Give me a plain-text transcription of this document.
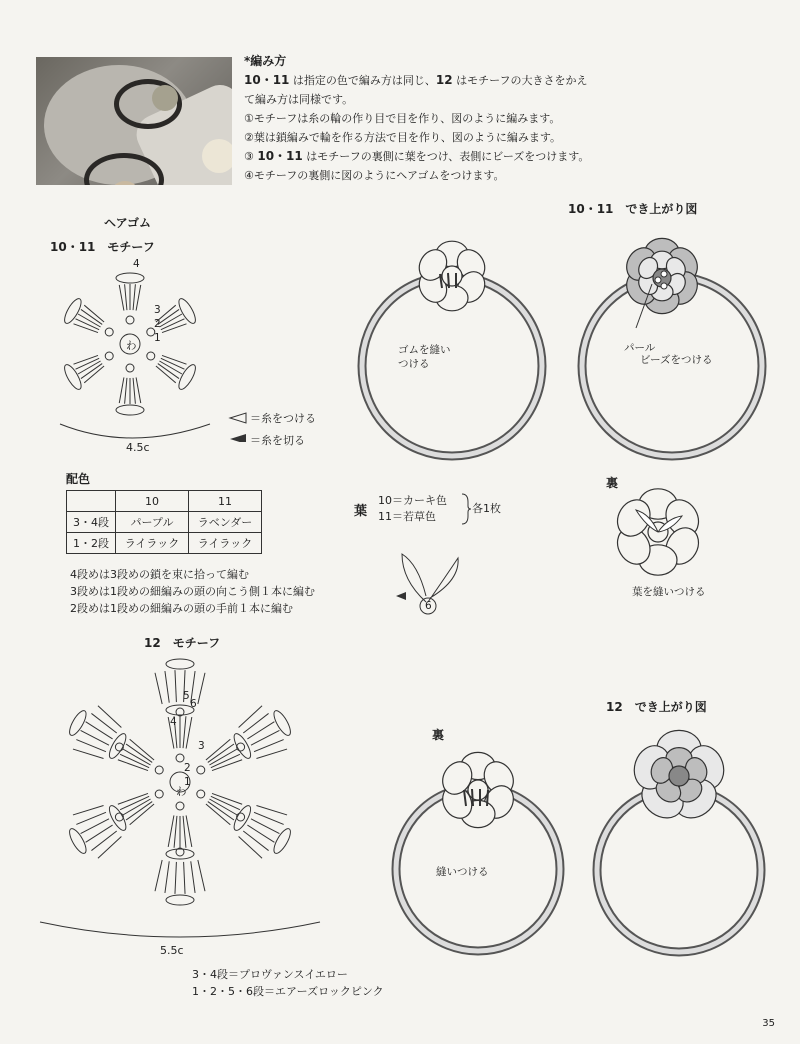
*編み方
10・11 は指定の色で編み方は同じ、12 はモチーフの大きさをかえ
て編み方は同様です。
①モチーフは糸の輪の作り目で目を作り、図のように編みます。
②葉は鎖編みで輪を作る方法で目を作り、図のように編みます。
③ 10・11 はモチーフの裏側に葉をつけ、表側にビーズをつけます。
④モチーフの裏側に図のようにヘアゴムをつけます。
ヘアゴム
10・11　モチーフ
4
3
2
1
わ
4.5c
＝糸をつける
＝糸を切る
配色
	10	11
3・4段	パープル	ラベンダー
1・2段	ライラック	ライラック
4段めは3段めの鎖を束に拾って編む
3段めは1段めの細編みの頭の向こう側１本に編む
2段めは1段めの細編みの頭の手前１本に編む
12　モチーフ
5
4
3
2
1
わ
6
5.5c
3・4段＝プロヴァンスイエロー
1・2・5・6段＝エアーズロックピンク
10・11　でき上がり図
ゴムを縫い
つける
パール
ビーズをつける
10＝カーキ色
11＝若草色
葉	各1枚
6
裏
葉を縫いつける
12　でき上がり図
裏
縫いつける
35
